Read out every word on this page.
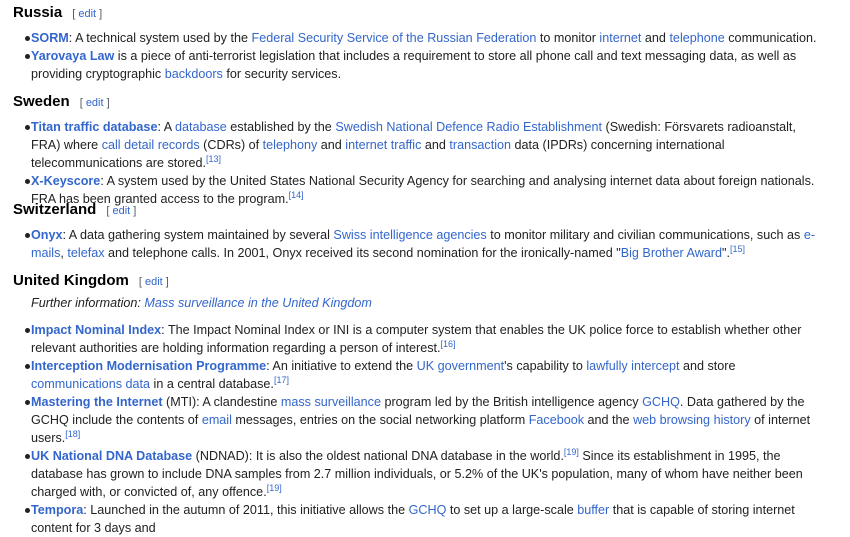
Russia [ edit ]
SORM: A technical system used by the Federal Security Service of the Russian Federation to monitor internet and telephone communication.
Yarovaya Law is a piece of anti-terrorist legislation that includes a requirement to store all phone call and text messaging data, as well as providing cryptographic backdoors for security services.
Sweden [ edit ]
Titan traffic database: A database established by the Swedish National Defence Radio Establishment (Swedish: Försvarets radioanstalt, FRA) where call detail records (CDRs) of telephony and internet traffic and transaction data (IPDRs) concerning international telecommunications are stored.[13]
X-Keyscore: A system used by the United States National Security Agency for searching and analysing internet data about foreign nationals. FRA has been granted access to the program.[14]
Switzerland [ edit ]
Onyx: A data gathering system maintained by several Swiss intelligence agencies to monitor military and civilian communications, such as e-mails, telefax and telephone calls. In 2001, Onyx received its second nomination for the ironically-named "Big Brother Award".[15]
United Kingdom [ edit ]
Further information: Mass surveillance in the United Kingdom
Impact Nominal Index: The Impact Nominal Index or INI is a computer system that enables the UK police force to establish whether other relevant authorities are holding information regarding a person of interest.[16]
Interception Modernisation Programme: An initiative to extend the UK government's capability to lawfully intercept and store communications data in a central database.[17]
Mastering the Internet (MTI): A clandestine mass surveillance program led by the British intelligence agency GCHQ. Data gathered by the GCHQ include the contents of email messages, entries on the social networking platform Facebook and the web browsing history of internet users.[18]
UK National DNA Database (NDNAD): It is also the oldest national DNA database in the world.[19] Since its establishment in 1995, the database has grown to include DNA samples from 2.7 million individuals, or 5.2% of the UK's population, many of whom have neither been charged with, or convicted of, any offence.[19]
Tempora: Launched in the autumn of 2011, this initiative allows the GCHQ to set up a large-scale buffer that is capable of storing internet content for 3 days and
